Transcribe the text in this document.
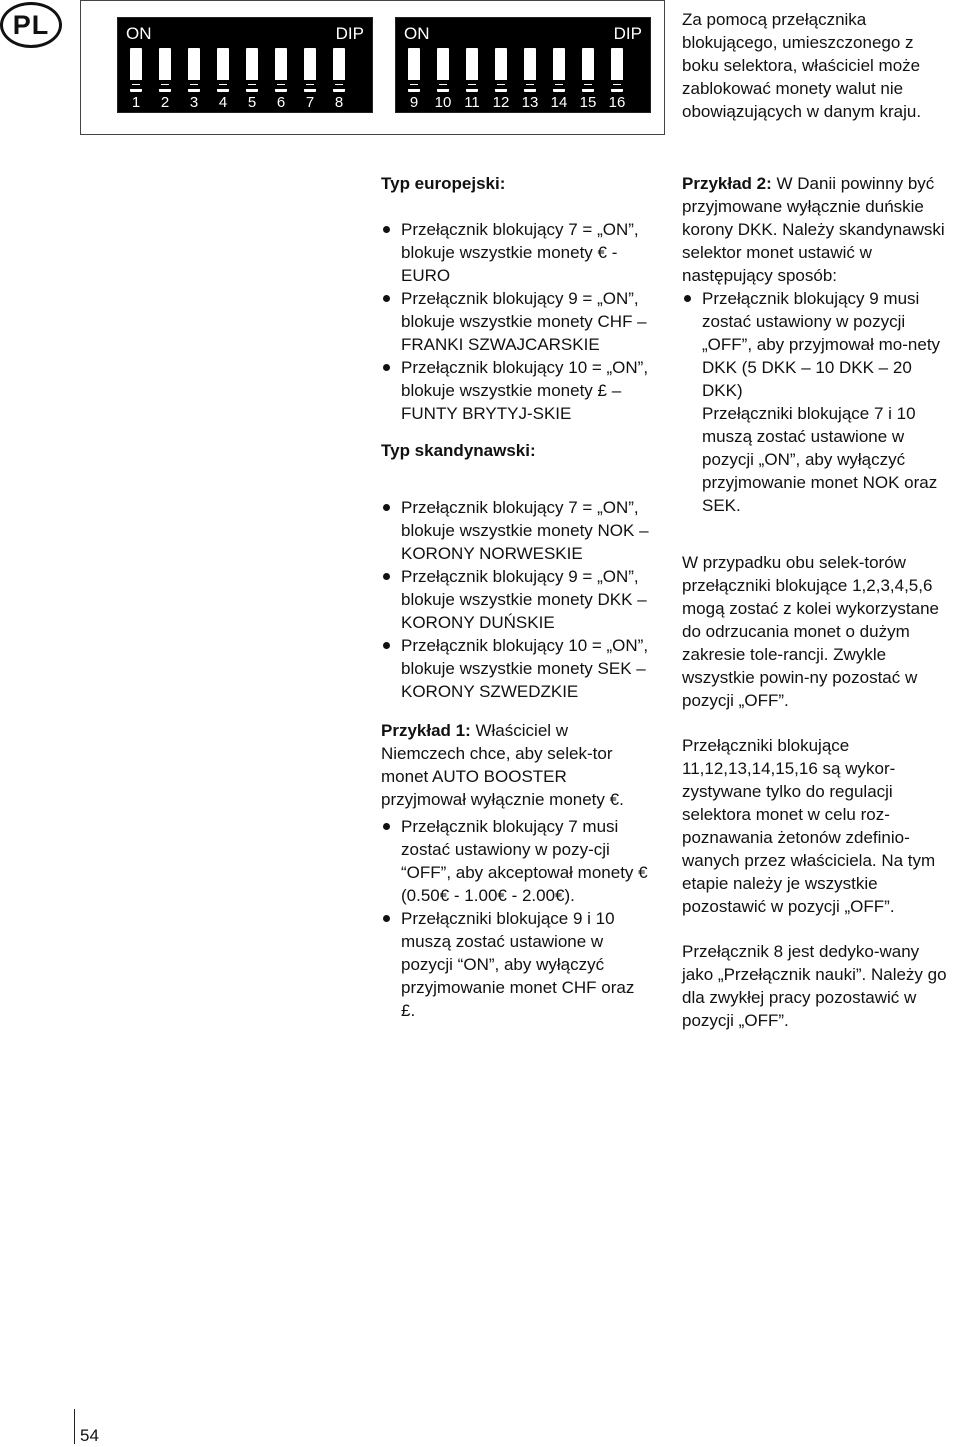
PL	ON	DIP
1	2	3	4	5	6	7	8
ON	DIP
9	10 11 12 13 14 15 16

Za pomocą przełącznika blokującego, umieszczonego z boku selektora, właściciel może zablokować monety walut nie obowiązujących w danym kraju.

Typ europejski:

Przełącznik blokujący 7 = „ON”, blokuje wszystkie monety € - EURO
Przełącznik blokujący 9 = „ON”, blokuje wszystkie monety CHF – FRANKI SZWAJCARSKIE
Przełącznik blokujący 10 = „ON”, blokuje wszystkie monety £ – FUNTY BRYTYJ-SKIE

Typ skandynawski:

Przełącznik blokujący 7 = „ON”, blokuje wszystkie monety NOK – KORONY NORWESKIE
Przełącznik blokujący 9 = „ON”, blokuje wszystkie monety DKK – KORONY DUŃSKIE
Przełącznik blokujący 10 = „ON”, blokuje wszystkie monety SEK – KORONY SZWEDZKIE

Przykład 1: Właściciel w Niemczech chce, aby selek-tor monet AUTO BOOSTER przyjmował wyłącznie monety €.

Przełącznik blokujący 7 musi zostać ustawiony w pozy-cji “OFF”, aby akceptował monety € (0.50€ - 1.00€ - 2.00€).
Przełączniki blokujące 9 i 10 muszą zostać ustawione w pozycji “ON”, aby wyłączyć przyjmowanie monet CHF oraz £.

Przykład 2: W Danii powinny być przyjmowane wyłącznie duńskie korony DKK. Należy skandynawski selektor monet ustawić w następujący sposób:

Przełącznik blokujący 9 musi zostać ustawiony w pozycji „OFF”, aby przyjmował mo-nety DKK (5 DKK – 10 DKK – 20 DKK)
Przełączniki blokujące 7 i 10 muszą zostać ustawione w pozycji „ON”, aby wyłączyć przyjmowanie monet NOK oraz SEK.

W przypadku obu selek-torów przełączniki blokujące 1,2,3,4,5,6 mogą zostać z kolei wykorzystane do odrzucania monet o dużym zakresie tole-rancji. Zwykle wszystkie powin-ny pozostać w pozycji „OFF”.

Przełączniki blokujące 11,12,13,14,15,16 są wykor-zystywane tylko do regulacji selektora monet w celu roz-poznawania żetonów zdefinio-wanych przez właściciela. Na tym etapie należy je wszystkie pozostawić w pozycji „OFF”.

Przełącznik 8 jest dedyko-wany jako „Przełącznik nauki”. Należy go dla zwykłej pracy pozostawić w pozycji „OFF”.

54
